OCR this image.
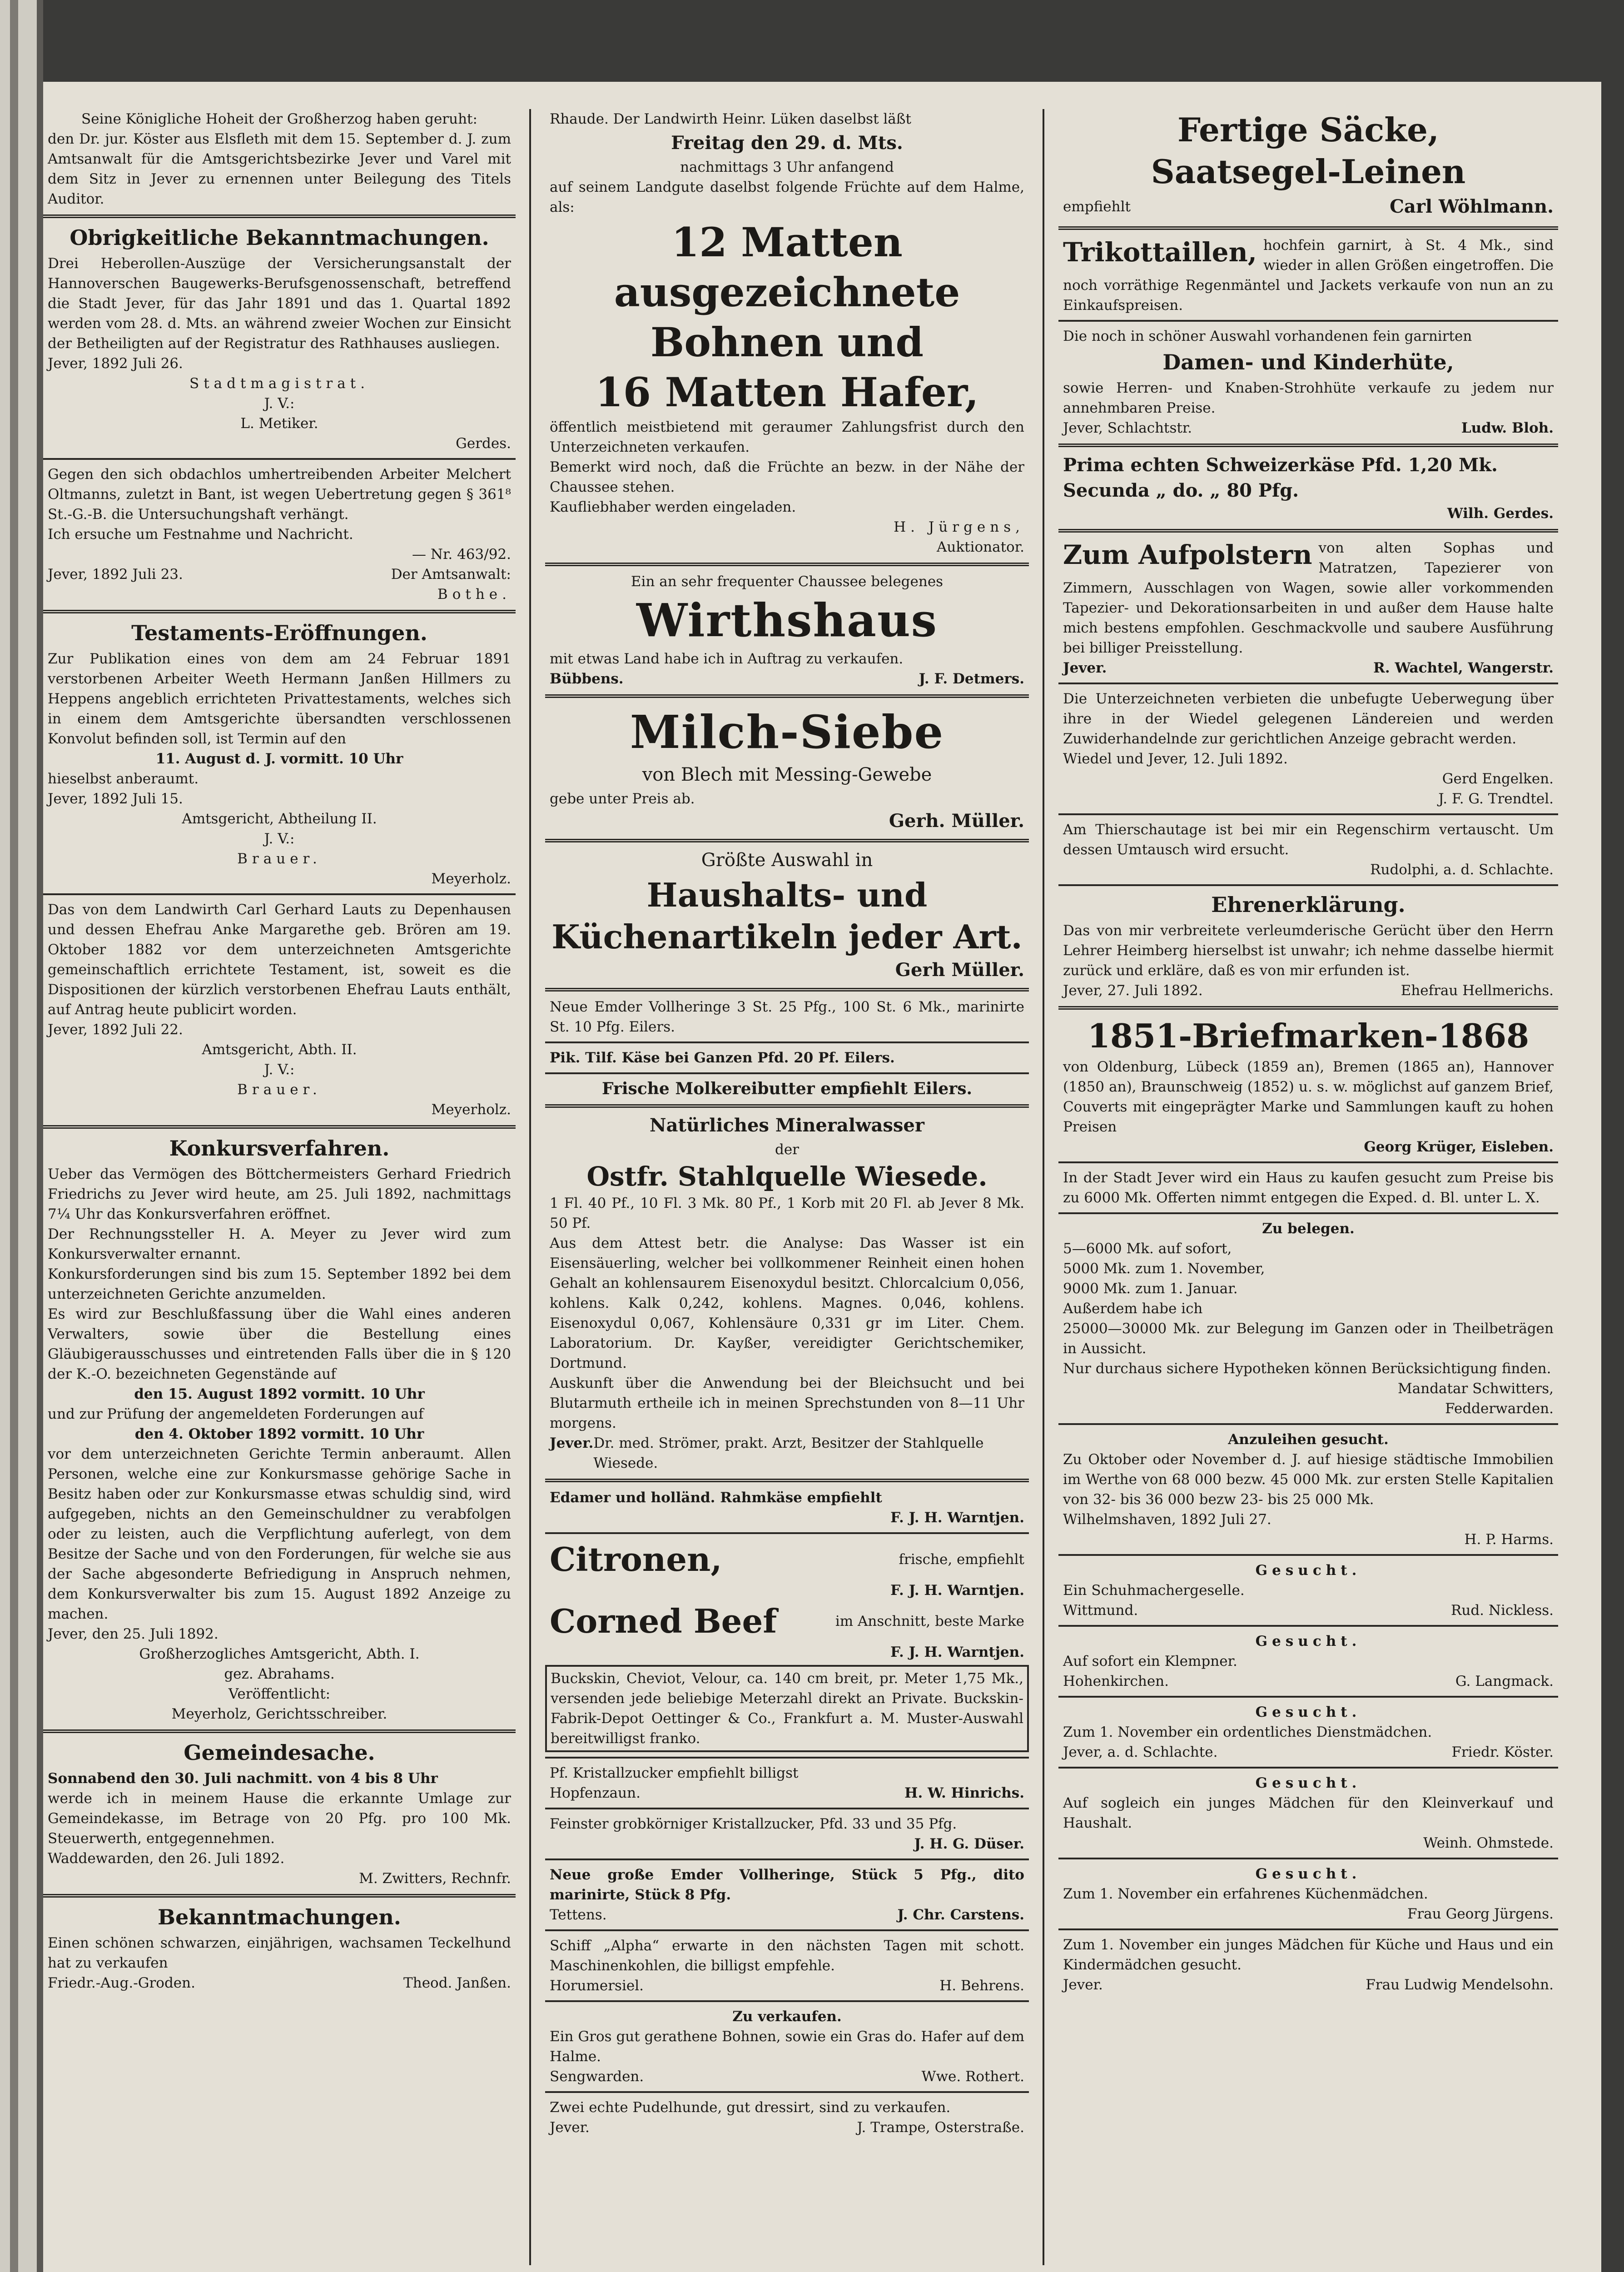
Seine Königliche Hoheit der Großherzog haben geruht:

den Dr. jur. Köster aus Elsfleth mit dem 15. September d. J. zum Amtsanwalt für die Amtsgerichtsbezirke Jever und Varel mit dem Sitz in Jever zu ernennen unter Beilegung des Titels Auditor.

Obrigkeitliche Bekanntmachungen.

Drei Heberollen-Auszüge der Versicherungsanstalt der Hannoverschen Baugewerks-Berufsgenossenschaft, betreffend die Stadt Jever, für das Jahr 1891 und das 1. Quartal 1892 werden vom 28. d. Mts. an während zweier Wochen zur Einsicht der Betheiligten auf der Registratur des Rathhauses ausliegen.

Jever, 1892 Juli 26.

Stadtmagistrat.

J. V.:

L. Metiker.

Gerdes.

Gegen den sich obdachlos umhertreibenden Arbeiter Melchert Oltmanns, zuletzt in Bant, ist wegen Uebertretung gegen § 361⁸ St.-G.-B. die Untersuchungshaft verhängt.

Ich ersuche um Festnahme und Nachricht.

— Nr. 463/92.

Jever, 1892 Juli 23.	Der Amtsanwalt:

Bothe.

Testaments-Eröffnungen.

Zur Publikation eines von dem am 24 Februar 1891 verstorbenen Arbeiter Weeth Hermann Janßen Hillmers zu Heppens angeblich errichteten Privattestaments, welches sich in einem dem Amtsgerichte übersandten verschlossenen Konvolut befinden soll, ist Termin auf den

11. August d. J. vormitt. 10 Uhr

hieselbst anberaumt.

Jever, 1892 Juli 15.

Amtsgericht, Abtheilung II.

J. V.:

Brauer.

Meyerholz.

Das von dem Landwirth Carl Gerhard Lauts zu Depenhausen und dessen Ehefrau Anke Margarethe geb. Brören am 19. Oktober 1882 vor dem unterzeichneten Amtsgerichte gemeinschaftlich errichtete Testament, ist, soweit es die Dispositionen der kürzlich verstorbenen Ehefrau Lauts enthält, auf Antrag heute publicirt worden.

Jever, 1892 Juli 22.

Amtsgericht, Abth. II.

J. V.:

Brauer.

Meyerholz.

Konkursverfahren.

Ueber das Vermögen des Böttchermeisters Gerhard Friedrich Friedrichs zu Jever wird heute, am 25. Juli 1892, nachmittags 7¼ Uhr das Konkursverfahren eröffnet.

Der Rechnungssteller H. A. Meyer zu Jever wird zum Konkursverwalter ernannt.

Konkursforderungen sind bis zum 15. September 1892 bei dem unterzeichneten Gerichte anzumelden.

Es wird zur Beschlußfassung über die Wahl eines anderen Verwalters, sowie über die Bestellung eines Gläubigerausschusses und eintretenden Falls über die in § 120 der K.-O. bezeichneten Gegenstände auf

den 15. August 1892 vormitt. 10 Uhr

und zur Prüfung der angemeldeten Forderungen auf

den 4. Oktober 1892 vormitt. 10 Uhr

vor dem unterzeichneten Gerichte Termin anberaumt. Allen Personen, welche eine zur Konkursmasse gehörige Sache in Besitz haben oder zur Konkursmasse etwas schuldig sind, wird aufgegeben, nichts an den Gemeinschuldner zu verabfolgen oder zu leisten, auch die Verpflichtung auferlegt, von dem Besitze der Sache und von den Forderungen, für welche sie aus der Sache abgesonderte Befriedigung in Anspruch nehmen, dem Konkursverwalter bis zum 15. August 1892 Anzeige zu machen.

Jever, den 25. Juli 1892.

Großherzogliches Amtsgericht, Abth. I.

gez. Abrahams.

Veröffentlicht:

Meyerholz, Gerichtsschreiber.

Gemeindesache.

Sonnabend den 30. Juli nachmitt. von 4 bis 8 Uhr

werde ich in meinem Hause die erkannte Umlage zur Gemeindekasse, im Betrage von 20 Pfg. pro 100 Mk. Steuerwerth, entgegennehmen.

Waddewarden, den 26. Juli 1892.

M. Zwitters, Rechnfr.

Bekanntmachungen.

Einen schönen schwarzen, einjährigen, wachsamen Teckelhund hat zu verkaufen

Friedr.-Aug.-Groden.	Theod. Janßen.

Rhaude. Der Landwirth Heinr. Lüken daselbst läßt

Freitag den 29. d. Mts.

nachmittags 3 Uhr anfangend

auf seinem Landgute daselbst folgende Früchte auf dem Halme, als:

12 Matten ausgezeichnete Bohnen und
16 Matten Hafer,

öffentlich meistbietend mit geraumer Zahlungsfrist durch den Unterzeichneten verkaufen.

Bemerkt wird noch, daß die Früchte an bezw. in der Nähe der Chaussee stehen.

Kaufliebhaber werden eingeladen.

H. Jürgens,

Auktionator.

Ein an sehr frequenter Chaussee belegenes

Wirthshaus

mit etwas Land habe ich in Auftrag zu verkaufen.

Bübbens.	J. F. Detmers.
Milch-Siebe
von Blech mit Messing-Gewebe

gebe unter Preis ab.

Gerh. Müller.

Größte Auswahl in
Haushalts- und Küchenartikeln jeder Art.

Gerh Müller.

Neue Emder Vollheringe 3 St. 25 Pfg., 100 St. 6 Mk., marinirte St. 10 Pfg. Eilers.

Pik. Tilf. Käse bei Ganzen Pfd. 20 Pf. Eilers.

Frische Molkereibutter empfiehlt Eilers.

Natürliches Mineralwasser

der

Ostfr. Stahlquelle Wiesede.

1 Fl. 40 Pf., 10 Fl. 3 Mk. 80 Pf., 1 Korb mit 20 Fl. ab Jever 8 Mk. 50 Pf.

Aus dem Attest betr. die Analyse: Das Wasser ist ein Eisensäuerling, welcher bei vollkommener Reinheit einen hohen Gehalt an kohlensaurem Eisenoxydul besitzt. Chlorcalcium 0,056, kohlens. Kalk 0,242, kohlens. Magnes. 0,046, kohlens. Eisenoxydul 0,067, Kohlensäure 0,331 gr im Liter. Chem. Laboratorium. Dr. Kayßer, vereidigter Gerichtschemiker, Dortmund.

Auskunft über die Anwendung bei der Bleichsucht und bei Blutarmuth ertheile ich in meinen Sprechstunden von 8—11 Uhr morgens.

Jever. Dr. med. Strömer, prakt. Arzt, Besitzer der Stahlquelle Wiesede.

Edamer und holländ. Rahmkäse empfiehlt

F. J. H. Warntjen.

Citronen,	frische, empfiehlt

F. J. H. Warntjen.

Corned Beef	im Anschnitt, beste Marke

F. J. H. Warntjen.

Buckskin, Cheviot, Velour, ca. 140 cm breit, pr. Meter 1,75 Mk., versenden jede beliebige Meterzahl direkt an Private. Buckskin-Fabrik-Depot Oettinger & Co., Frankfurt a. M. Muster-Auswahl bereitwilligst franko.

Pf. Kristallzucker empfiehlt billigst

Hopfenzaun.	H. W. Hinrichs.

Feinster grobkörniger Kristallzucker, Pfd. 33 und 35 Pfg.

J. H. G. Düser.

Neue große Emder Vollheringe, Stück 5 Pfg., dito marinirte, Stück 8 Pfg.

Tettens.	J. Chr. Carstens.

Schiff „Alpha“ erwarte in den nächsten Tagen mit schott. Maschinenkohlen, die billigst empfehle.

Horumersiel.	H. Behrens.

Zu verkaufen.

Ein Gros gut gerathene Bohnen, sowie ein Gras do. Hafer auf dem Halme.

Sengwarden.	Wwe. Rothert.

Zwei echte Pudelhunde, gut dressirt, sind zu verkaufen.

Jever.	J. Trampe, Osterstraße.
Fertige Säcke,
Saatsegel-Leinen
empfiehlt	Carl Wöhlmann.
Trikottaillen, hochfein garnirt, à St. 4 Mk., sind wieder in allen Größen eingetroffen. Die noch vorräthige Regenmäntel und Jackets verkaufe von nun an zu Einkaufspreisen.

Die noch in schöner Auswahl vorhandenen fein garnirten

Damen- und Kinderhüte,

sowie Herren- und Knaben-Strohhüte verkaufe zu jedem nur annehmbaren Preise.

Jever, Schlachtstr.	Ludw. Bloh.

Prima echten Schweizerkäse Pfd. 1,20 Mk.

Secunda „ do. „ 80 Pfg.

Wilh. Gerdes.

Zum Aufpolstern von alten Sophas und Matratzen, Tapezierer von Zimmern, Ausschlagen von Wagen, sowie aller vorkommenden Tapezier- und Dekorationsarbeiten in und außer dem Hause halte mich bestens empfohlen. Geschmackvolle und saubere Ausführung bei billiger Preisstellung.

Jever.	R. Wachtel, Wangerstr.

Die Unterzeichneten verbieten die unbefugte Ueberwegung über ihre in der Wiedel gelegenen Ländereien und werden Zuwiderhandelnde zur gerichtlichen Anzeige gebracht werden.

Wiedel und Jever, 12. Juli 1892.

Gerd Engelken.

J. F. G. Trendtel.

Am Thierschautage ist bei mir ein Regenschirm vertauscht. Um dessen Umtausch wird ersucht.

Rudolphi, a. d. Schlachte.

Ehrenerklärung.

Das von mir verbreitete verleumderische Gerücht über den Herrn Lehrer Heimberg hierselbst ist unwahr; ich nehme dasselbe hiermit zurück und erkläre, daß es von mir erfunden ist.

Jever, 27. Juli 1892.	Ehefrau Hellmerichs.
1851-Briefmarken-1868

von Oldenburg, Lübeck (1859 an), Bremen (1865 an), Hannover (1850 an), Braunschweig (1852) u. s. w. möglichst auf ganzem Brief, Couverts mit eingeprägter Marke und Sammlungen kauft zu hohen Preisen

Georg Krüger, Eisleben.

In der Stadt Jever wird ein Haus zu kaufen gesucht zum Preise bis zu 6000 Mk. Offerten nimmt entgegen die Exped. d. Bl. unter L. X.

Zu belegen.

5—6000 Mk. auf sofort,

5000 Mk. zum 1. November,

9000 Mk. zum 1. Januar.

Außerdem habe ich

25000—30000 Mk. zur Belegung im Ganzen oder in Theilbeträgen in Aussicht.

Nur durchaus sichere Hypotheken können Berücksichtigung finden.

Mandatar Schwitters,

Fedderwarden.

Anzuleihen gesucht.

Zu Oktober oder November d. J. auf hiesige städtische Immobilien im Werthe von 68 000 bezw. 45 000 Mk. zur ersten Stelle Kapitalien von 32- bis 36 000 bezw 23- bis 25 000 Mk.

Wilhelmshaven, 1892 Juli 27.

H. P. Harms.

Gesucht.

Ein Schuhmachergeselle.

Wittmund.	Rud. Nickless.

Gesucht.

Auf sofort ein Klempner.

Hohenkirchen.	G. Langmack.

Gesucht.

Zum 1. November ein ordentliches Dienstmädchen.

Jever, a. d. Schlachte.	Friedr. Köster.

Gesucht.

Auf sogleich ein junges Mädchen für den Kleinverkauf und Haushalt.

Weinh. Ohmstede.

Gesucht.

Zum 1. November ein erfahrenes Küchenmädchen.

Frau Georg Jürgens.

Zum 1. November ein junges Mädchen für Küche und Haus und ein Kindermädchen gesucht.

Jever.	Frau Ludwig Mendelsohn.
